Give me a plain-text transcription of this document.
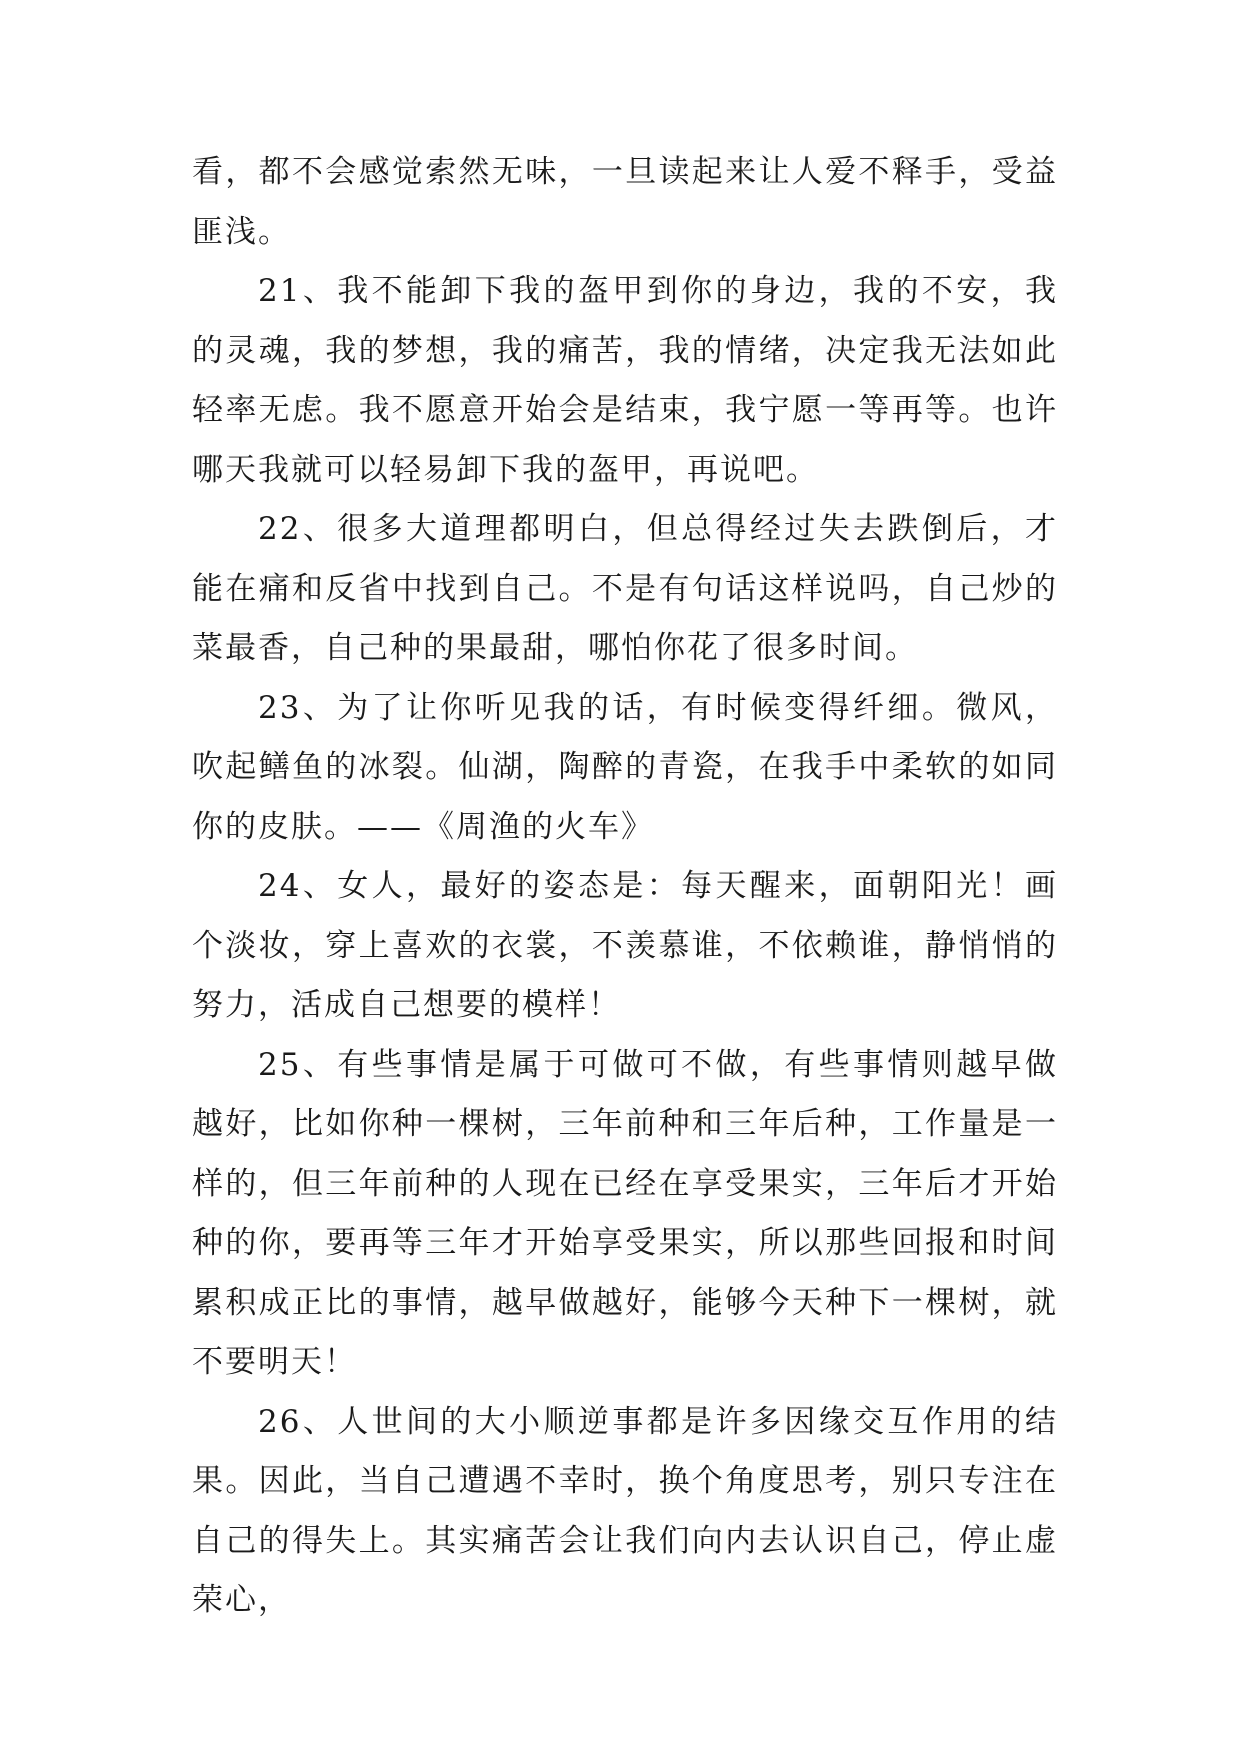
看，都不会感觉索然无味，一旦读起来让人爱不释手，受益匪浅。

21、我不能卸下我的盔甲到你的身边，我的不安，我的灵魂，我的梦想，我的痛苦，我的情绪，决定我无法如此轻率无虑。我不愿意开始会是结束，我宁愿一等再等。也许哪天我就可以轻易卸下我的盔甲，再说吧。

22、很多大道理都明白，但总得经过失去跌倒后，才能在痛和反省中找到自己。不是有句话这样说吗，自己炒的菜最香，自己种的果最甜，哪怕你花了很多时间。

23、为了让你听见我的话，有时候变得纤细。微风，吹起鳝鱼的冰裂。仙湖，陶醉的青瓷，在我手中柔软的如同你的皮肤。——《周渔的火车》

24、女人，最好的姿态是：每天醒来，面朝阳光！画个淡妆，穿上喜欢的衣裳，不羡慕谁，不依赖谁，静悄悄的努力，活成自己想要的模样！

25、有些事情是属于可做可不做，有些事情则越早做越好，比如你种一棵树，三年前种和三年后种，工作量是一样的，但三年前种的人现在已经在享受果实，三年后才开始种的你，要再等三年才开始享受果实，所以那些回报和时间累积成正比的事情，越早做越好，能够今天种下一棵树，就不要明天！

26、人世间的大小顺逆事都是许多因缘交互作用的结果。因此，当自己遭遇不幸时，换个角度思考，别只专注在自己的得失上。其实痛苦会让我们向内去认识自己，停止虚荣心，
